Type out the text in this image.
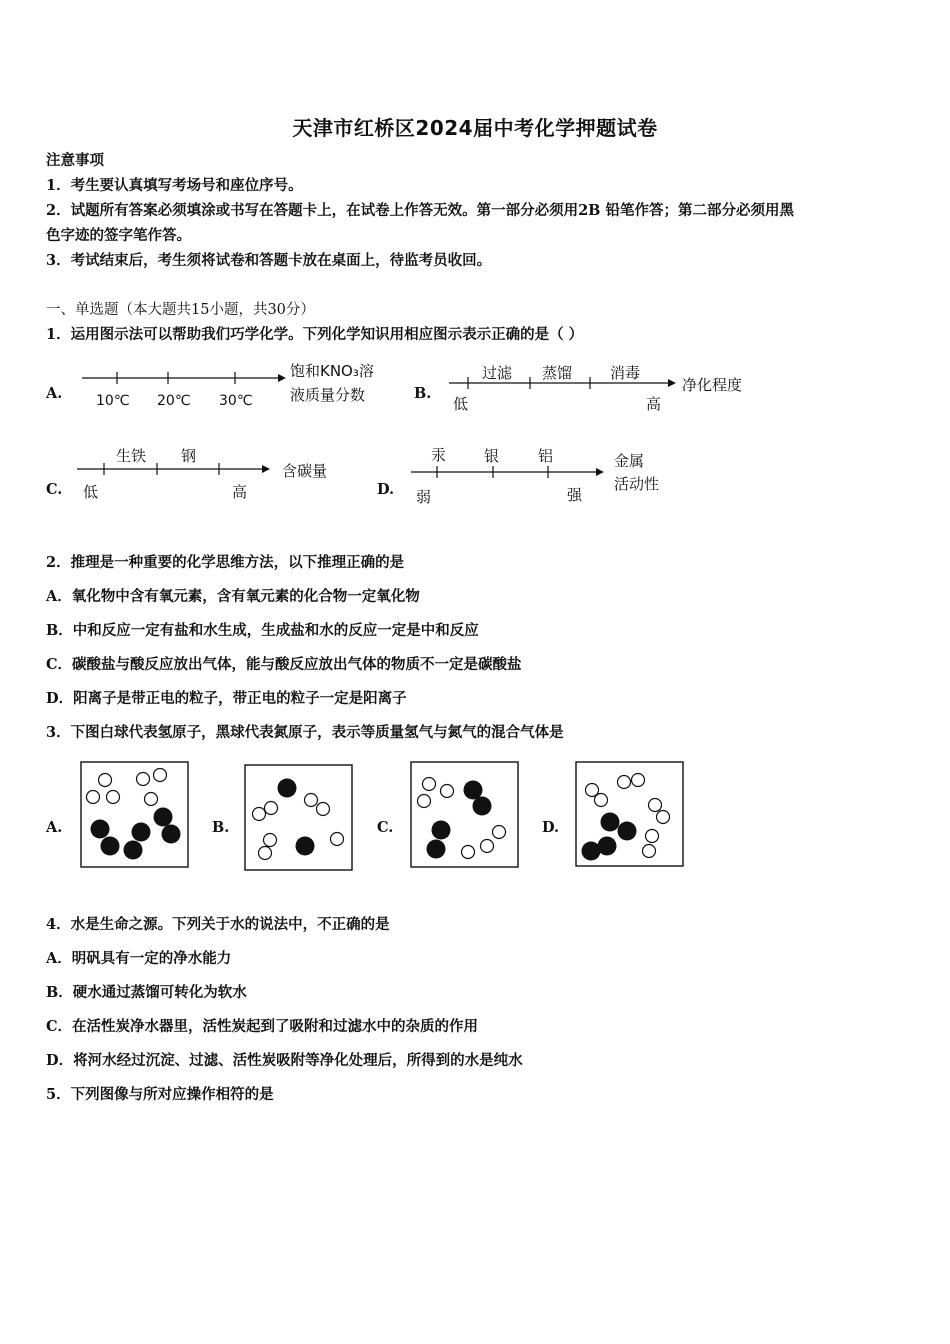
天津市红桥区2024届中考化学押题试卷
注意事项
1．考生要认真填写考场号和座位序号。
2．试题所有答案必须填涂或书写在答题卡上，在试卷上作答无效。第一部分必须用2B 铅笔作答；第二部分必须用黑
色字迹的签字笔作答。
3．考试结束后，考生须将试卷和答题卡放在桌面上，待监考员收回。
一、单选题（本大题共15小题，共30分）
1．运用图示法可以帮助我们巧学化学。下列化学知识用相应图示表示正确的是（ ）
A. 10℃ 20℃ 30℃
饱和KNO₃溶
液质量分数	B.
过滤 蒸馏	消毒
低	高
净化程度
C.
生铁 钢
低	高
含碳量
D.
汞	银	铝
弱	强
金属
活动性
2．推理是一种重要的化学思维方法，以下推理正确的是
A．氧化物中含有氧元素，含有氧元素的化合物一定氧化物
B．中和反应一定有盐和水生成，生成盐和水的反应一定是中和反应
C．碳酸盐与酸反应放出气体，能与酸反应放出气体的物质不一定是碳酸盐
D．阳离子是带正电的粒子，带正电的粒子一定是阳离子
3．下图白球代表氢原子，黑球代表氮原子，表示等质量氢气与氮气的混合气体是
A.	B.	C.	D.
4．水是生命之源。下列关于水的说法中，不正确的是
A．明矾具有一定的净水能力
B．硬水通过蒸馏可转化为软水
C．在活性炭净水器里，活性炭起到了吸附和过滤水中的杂质的作用
D．将河水经过沉淀、过滤、活性炭吸附等净化处理后，所得到的水是纯水
5．下列图像与所对应操作相符的是
